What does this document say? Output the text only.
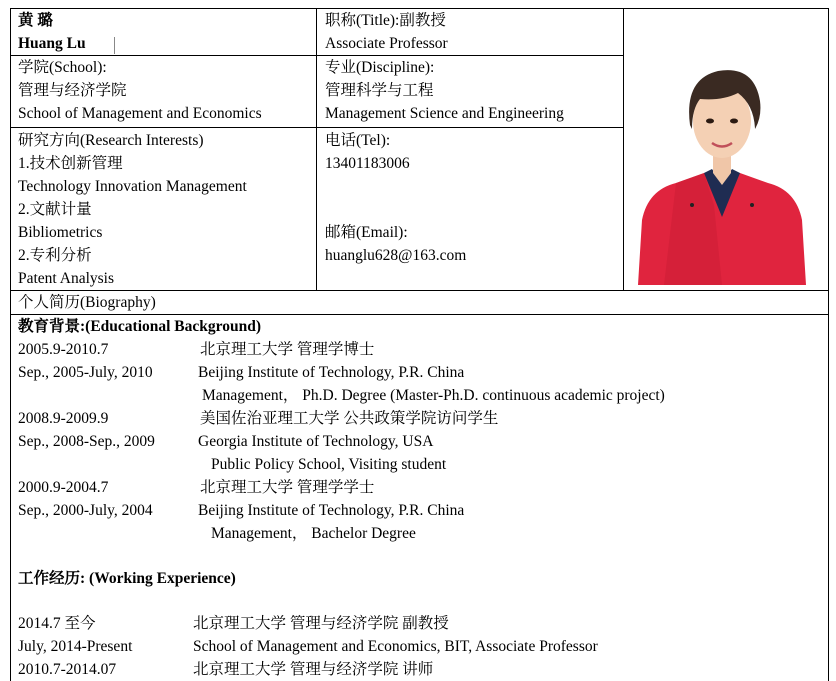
黄 璐
Huang Lu
职称(Title):副教授
Associate Professor
学院(School):
管理与经济学院
School of Management and Economics
专业(Discipline):
管理科学与工程
Management Science and Engineering
研究方向(Research Interests)
1.技术创新管理
Technology Innovation Management
2.文献计量
Bibliometrics
2.专利分析
Patent Analysis
电话(Tel):
13401183006
邮箱(Email):
huanglu628@163.com
个人简历(Biography)
教育背景:(Educational Background)
2005.9-2010.7	北京理工大学 管理学博士
Sep., 2005-July, 2010	Beijing Institute of Technology, P.R. China
Management， Ph.D. Degree (Master-Ph.D. continuous academic project)
2008.9-2009.9	美国佐治亚理工大学 公共政策学院访问学生
Sep., 2008-Sep., 2009	Georgia Institute of Technology, USA
Public Policy School, Visiting student
2000.9-2004.7	北京理工大学 管理学学士
Sep., 2000-July, 2004	Beijing Institute of Technology, P.R. China
Management， Bachelor Degree
工作经历: (Working Experience)
2014.7 至今	北京理工大学 管理与经济学院 副教授
July, 2014-Present	School of Management and Economics, BIT, Associate Professor
2010.7-2014.07	北京理工大学 管理与经济学院 讲师
